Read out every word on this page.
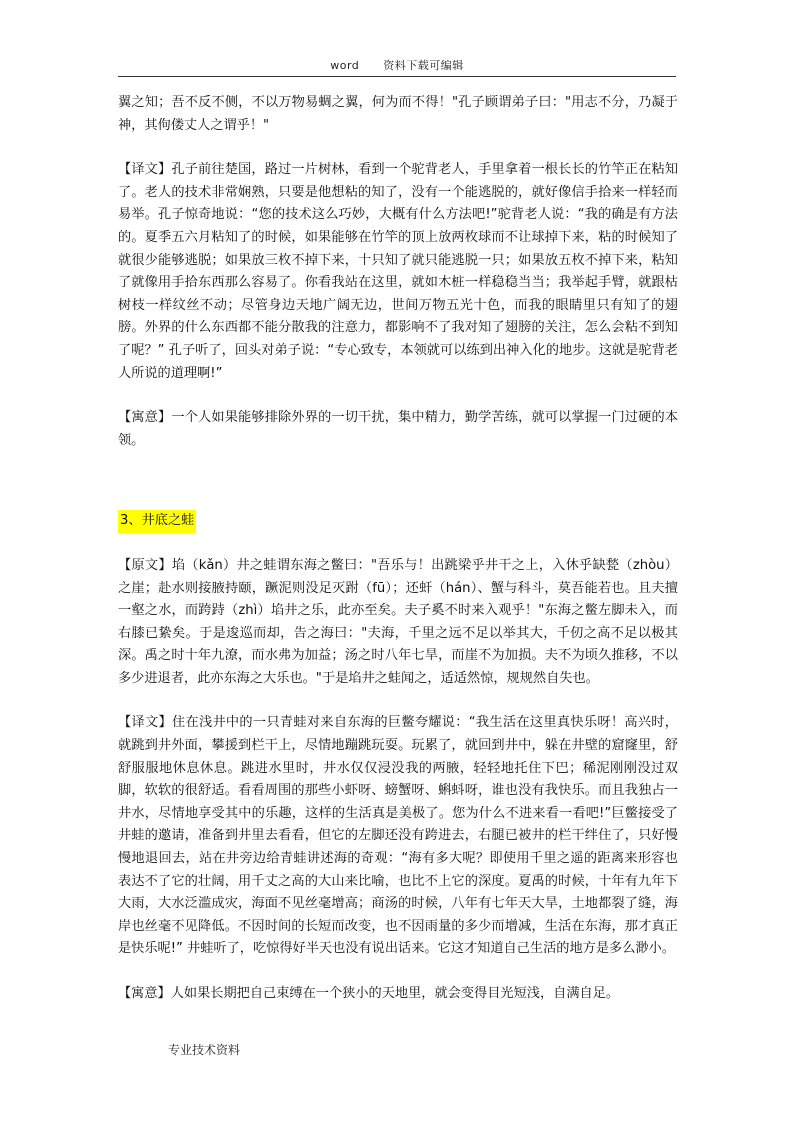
word 资料下载可编辑

翼之知；吾不反不侧，不以万物易蜩之翼，何为而不得！"孔子顾谓弟子曰："用志不分，乃凝于神，其佝偻丈人之谓乎！"

【译文】孔子前往楚国，路过一片树林，看到一个驼背老人，手里拿着一根长长的竹竿正在粘知了。老人的技术非常娴熟，只要是他想粘的知了，没有一个能逃脱的，就好像信手拾来一样轻而易举。孔子惊奇地说：“您的技术这么巧妙，大概有什么方法吧!”驼背老人说：“我的确是有方法的。夏季五六月粘知了的时候，如果能够在竹竿的顶上放两枚球而不让球掉下来，粘的时候知了就很少能够逃脱；如果放三枚不掉下来，十只知了就只能逃脱一只；如果放五枚不掉下来，粘知了就像用手拾东西那么容易了。你看我站在这里，就如木桩一样稳稳当当；我举起手臂，就跟枯树枝一样纹丝不动；尽管身边天地广阔无边，世间万物五光十色，而我的眼睛里只有知了的翅膀。外界的什么东西都不能分散我的注意力，都影响不了我对知了翅膀的关注，怎么会粘不到知了呢？” 孔子听了，回头对弟子说：“专心致专，本领就可以练到出神入化的地步。这就是驼背老人所说的道理啊!”

【寓意】一个人如果能够排除外界的一切干扰，集中精力，勤学苦练，就可以掌握一门过硬的本领。

3、井底之蛙

【原文】埳（kǎn）井之蛙谓东海之鳖曰："吾乐与！出跳梁乎井干之上，入休乎缺甃（zhòu）之崖；赴水则接腋持颐，蹶泥则没足灭跗（fū）；还虷（hán）、蟹与科斗，莫吾能若也。且夫擅一壑之水，而跨跱（zhì）埳井之乐，此亦至矣。夫子奚不时来入观乎！"东海之鳖左脚未入，而右膝已絷矣。于是逡巡而却，告之海曰："夫海，千里之远不足以举其大，千仞之高不足以极其深。禹之时十年九潦，而水弗为加益；汤之时八年七旱，而崖不为加损。夫不为顷久推移，不以多少进退者，此亦东海之大乐也。"于是埳井之蛙闻之，适适然惊，规规然自失也。

【译文】住在浅井中的一只青蛙对来自东海的巨鳖夸耀说：“我生活在这里真快乐呀！高兴时，就跳到井外面，攀援到栏干上，尽情地蹦跳玩耍。玩累了，就回到井中，躲在井壁的窟窿里，舒舒服服地休息休息。跳进水里时，井水仅仅浸没我的两腋，轻轻地托住下巴；稀泥刚刚没过双脚，软软的很舒适。看看周围的那些小虾呀、螃蟹呀、蝌蚪呀，谁也没有我快乐。而且我独占一井水，尽情地享受其中的乐趣，这样的生活真是美极了。您为什么不进来看一看吧!”巨鳖接受了井蛙的邀请，准备到井里去看看，但它的左脚还没有跨进去，右腿已被井的栏干绊住了，只好慢慢地退回去，站在井旁边给青蛙讲述海的奇观：“海有多大呢？即使用千里之遥的距离来形容也表达不了它的壮阔，用千丈之高的大山来比喻，也比不上它的深度。夏禹的时候，十年有九年下大雨，大水泛滥成灾，海面不见丝毫增高；商汤的时候，八年有七年天大旱，土地都裂了缝，海岸也丝毫不见降低。不因时间的长短而改变，也不因雨量的多少而增减，生活在东海，那才真正是快乐呢!” 井蛙听了，吃惊得好半天也没有说出话来。它这才知道自己生活的地方是多么渺小。

【寓意】人如果长期把自己束缚在一个狭小的天地里，就会变得目光短浅，自满自足。

专业技术资料
